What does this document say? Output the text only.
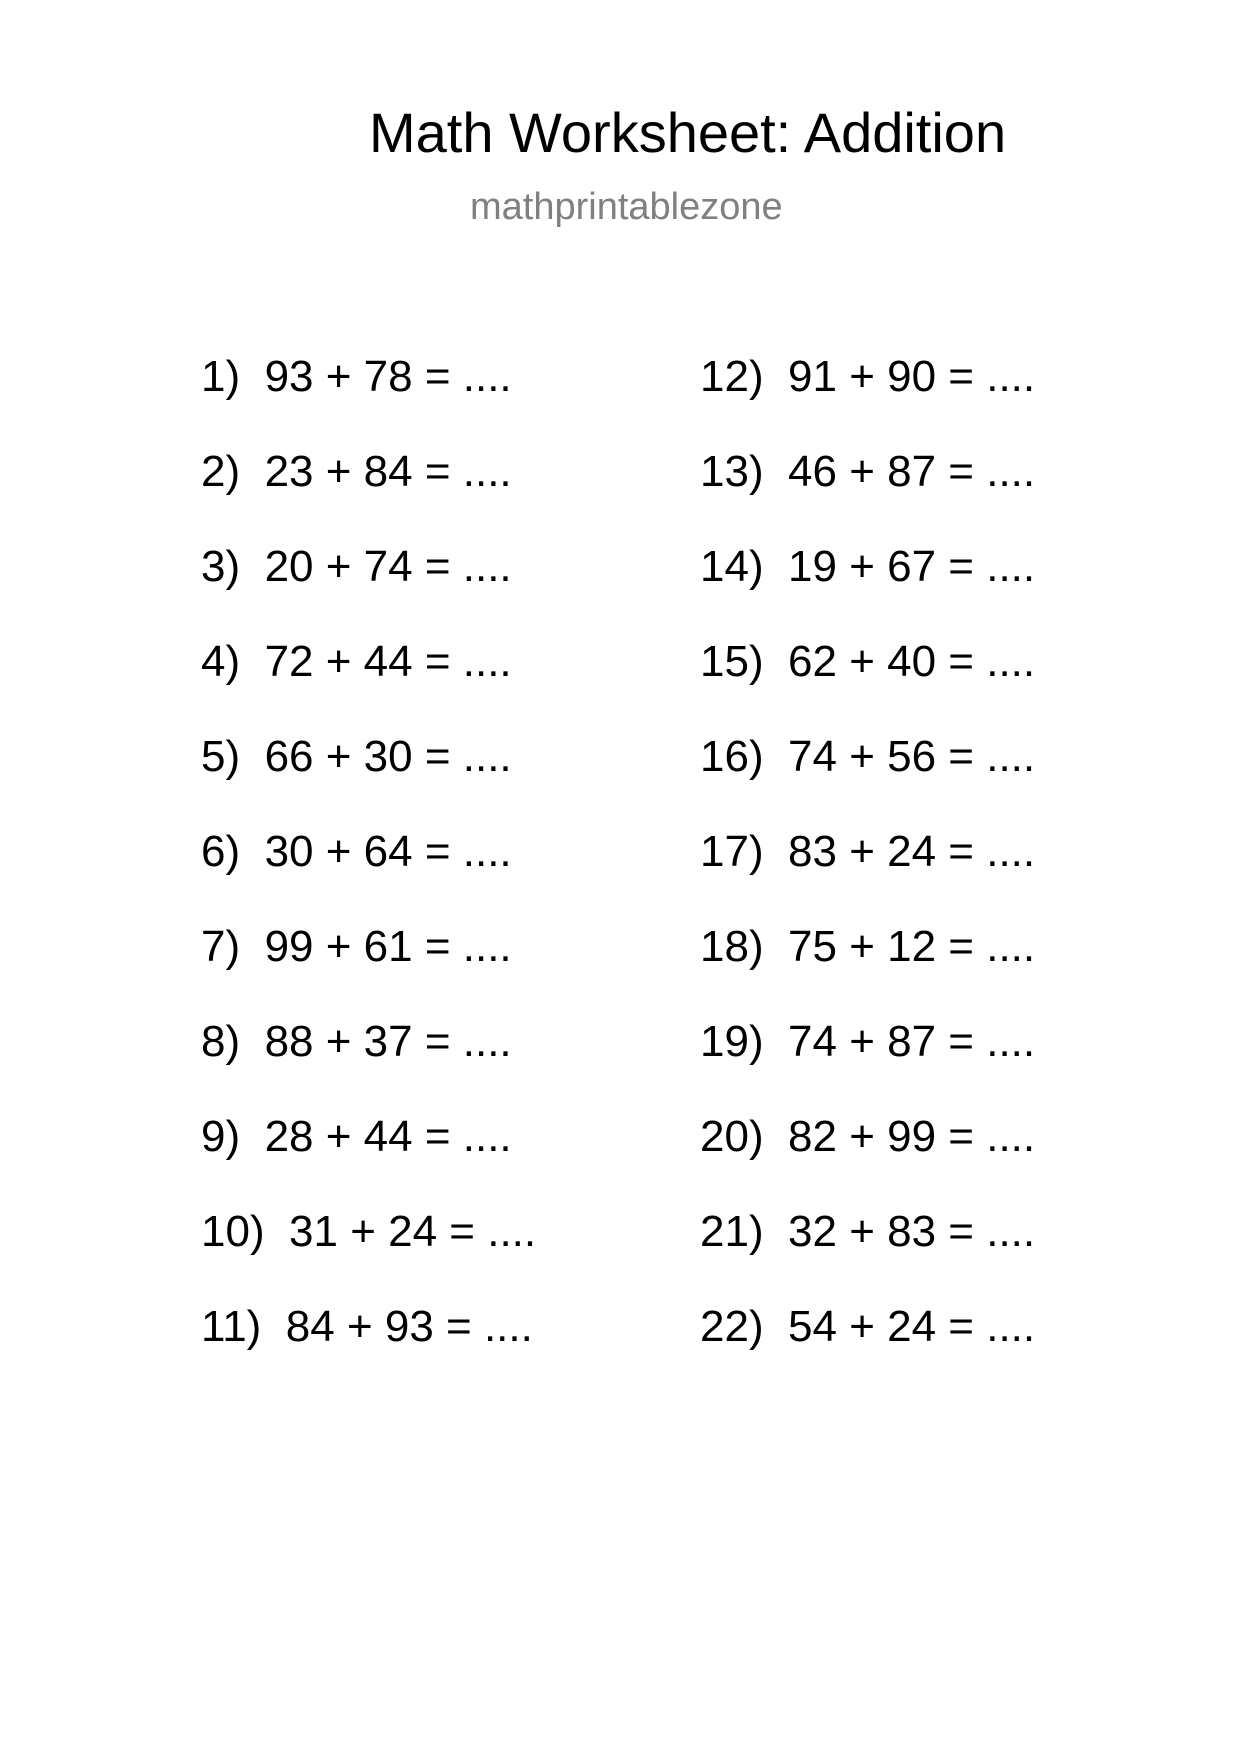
Math Worksheet: Addition
mathprintablezone
1)  93 + 78 = ....
2)  23 + 84 = ....
3)  20 + 74 = ....
4)  72 + 44 = ....
5)  66 + 30 = ....
6)  30 + 64 = ....
7)  99 + 61 = ....
8)  88 + 37 = ....
9)  28 + 44 = ....
10)  31 + 24 = ....
11)  84 + 93 = ....
12)  91 + 90 = ....
13)  46 + 87 = ....
14)  19 + 67 = ....
15)  62 + 40 = ....
16)  74 + 56 = ....
17)  83 + 24 = ....
18)  75 + 12 = ....
19)  74 + 87 = ....
20)  82 + 99 = ....
21)  32 + 83 = ....
22)  54 + 24 = ....
